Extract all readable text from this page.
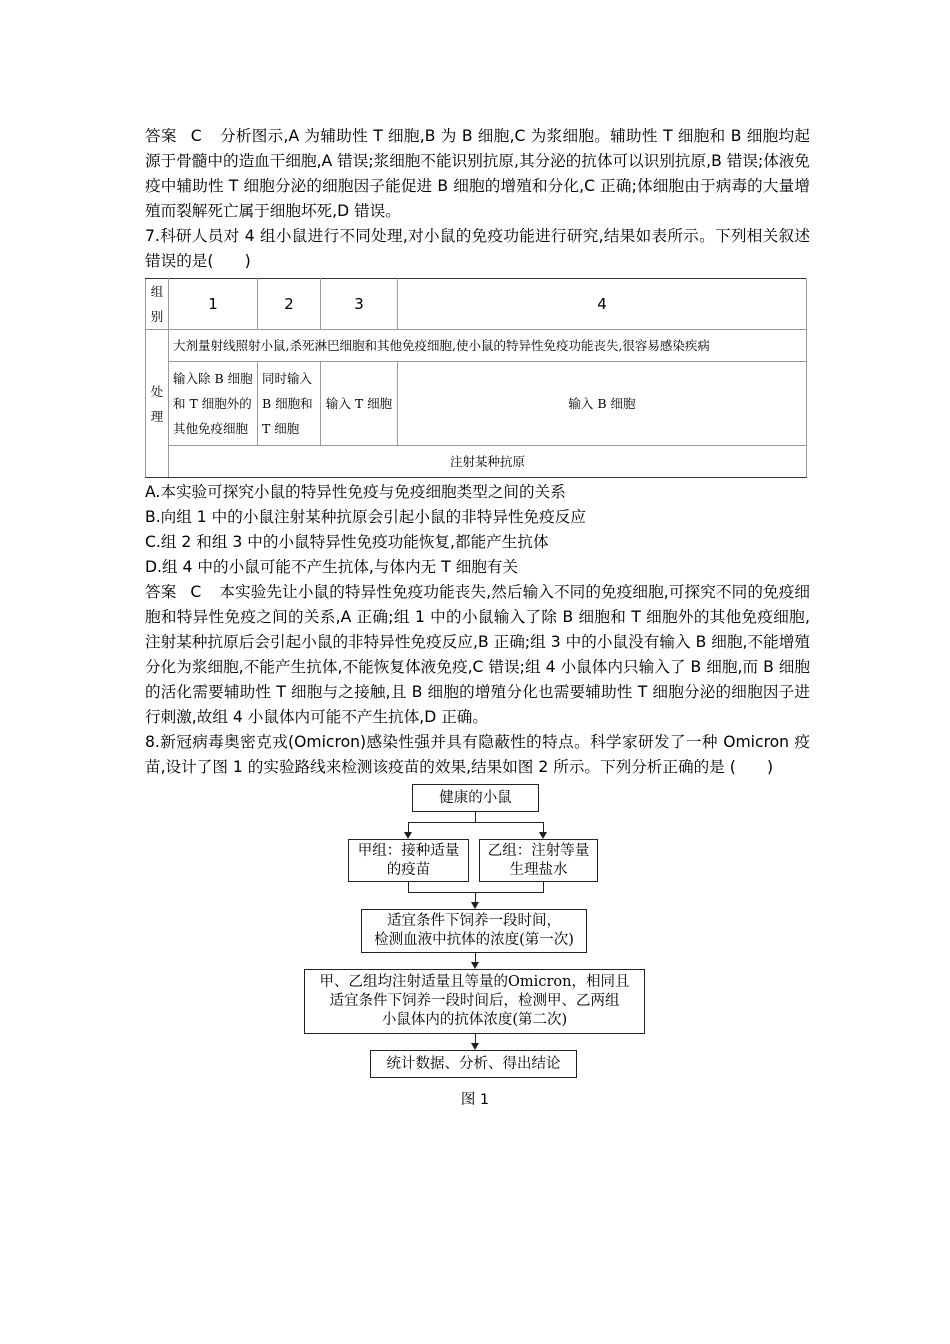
答案 C 分析图示,A 为辅助性 T 细胞,B 为 B 细胞,C 为浆细胞。辅助性 T 细胞和 B 细胞均起源于骨髓中的造血干细胞,A 错误;浆细胞不能识别抗原,其分泌的抗体可以识别抗原,B 错误;体液免疫中辅助性 T 细胞分泌的细胞因子能促进 B 细胞的增殖和分化,C 正确;体细胞由于病毒的大量增殖而裂解死亡属于细胞坏死,D 错误。

7.科研人员对 4 组小鼠进行不同处理,对小鼠的免疫功能进行研究,结果如表所示。下列相关叙述错误的是(　　)

组别	1	2	3	4
处理	大剂量射线照射小鼠,杀死淋巴细胞和其他免疫细胞,使小鼠的特异性免疫功能丧失,很容易感染疾病			
	输入除 B 细胞和 T 细胞外的其他免疫细胞	同时输入 B 细胞和 T 细胞	输入 T 细胞	输入 B 细胞
	注射某种抗原			

A.本实验可探究小鼠的特异性免疫与免疫细胞类型之间的关系

B.向组 1 中的小鼠注射某种抗原会引起小鼠的非特异性免疫反应

C.组 2 和组 3 中的小鼠特异性免疫功能恢复,都能产生抗体

D.组 4 中的小鼠可能不产生抗体,与体内无 T 细胞有关

答案 C 本实验先让小鼠的特异性免疫功能丧失,然后输入不同的免疫细胞,可探究不同的免疫细胞和特异性免疫之间的关系,A 正确;组 1 中的小鼠输入了除 B 细胞和 T 细胞外的其他免疫细胞,注射某种抗原后会引起小鼠的非特异性免疫反应,B 正确;组 3 中的小鼠没有输入 B 细胞,不能增殖分化为浆细胞,不能产生抗体,不能恢复体液免疫,C 错误;组 4 小鼠体内只输入了 B 细胞,而 B 细胞的活化需要辅助性 T 细胞与之接触,且 B 细胞的增殖分化也需要辅助性 T 细胞分泌的细胞因子进行刺激,故组 4 小鼠体内可能不产生抗体,D 正确。

8.新冠病毒奥密克戎(Omicron)感染性强并具有隐蔽性的特点。科学家研发了一种 Omicron 疫苗,设计了图 1 的实验路线来检测该疫苗的效果,结果如图 2 所示。下列分析正确的是 (　　)

健康的小鼠
甲组：接种适量
的疫苗
乙组：注射等量
生理盐水
适宜条件下饲养一段时间，
检测血液中抗体的浓度(第一次)
甲、乙组均注射适量且等量的Omicron，相同且
适宜条件下饲养一段时间后，检测甲、乙两组
小鼠体内的抗体浓度(第二次)
统计数据、分析、得出结论
图 1
